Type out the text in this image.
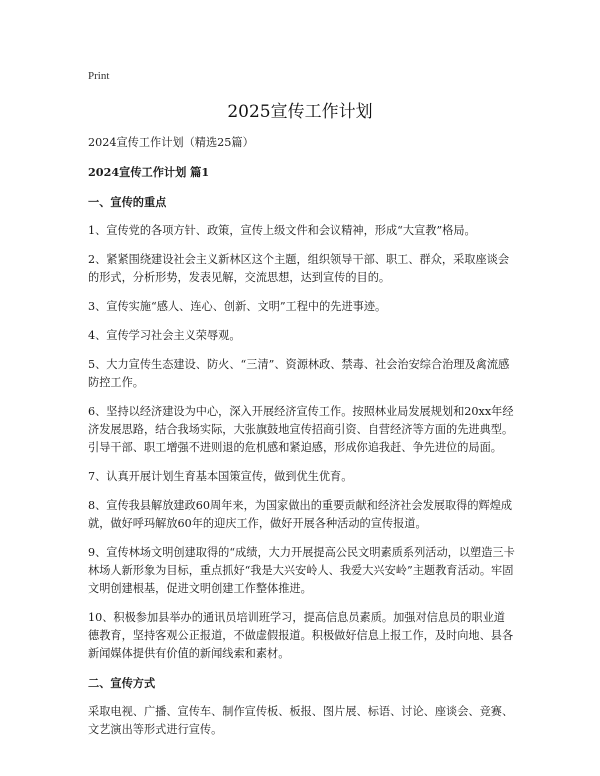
Print
2025宣传工作计划

2024宣传工作计划（精选25篇）

2024宣传工作计划 篇1

一、宣传的重点

1、宣传党的各项方针、政策，宣传上级文件和会议精神，形成“大宣教”格局。

2、紧紧围绕建设社会主义新林区这个主题，组织领导干部、职工、群众，采取座谈会的形式，分析形势，发表见解，交流思想，达到宣传的目的。

3、宣传实施“感人、连心、创新、文明”工程中的先进事迹。

4、宣传学习社会主义荣辱观。

5、大力宣传生态建设、防火、“三清”、资源林政、禁毒、社会治安综合治理及禽流感防控工作。

6、坚持以经济建设为中心，深入开展经济宣传工作。按照林业局发展规划和20xx年经济发展思路，结合我场实际，大张旗鼓地宣传招商引资、自营经济等方面的先进典型。引导干部、职工增强不进则退的危机感和紧迫感，形成你追我赶、争先进位的局面。

7、认真开展计划生育基本国策宣传，做到优生优育。

8、宣传我县解放建政60周年来，为国家做出的重要贡献和经济社会发展取得的辉煌成就，做好呼玛解放60年的迎庆工作，做好开展各种活动的宣传报道。

9、宣传林场文明创建取得的“成绩，大力开展提高公民文明素质系列活动，以塑造三卡林场人新形象为目标，重点抓好“我是大兴安岭人、我爱大兴安岭”主题教育活动。牢固文明创建根基，促进文明创建工作整体推进。

10、积极参加县举办的通讯员培训班学习，提高信息员素质。加强对信息员的职业道德教育，坚持客观公正报道，不做虚假报道。积极做好信息上报工作，及时向地、县各新闻媒体提供有价值的新闻线索和素材。

二、宣传方式

采取电视、广播、宣传车、制作宣传板、板报、图片展、标语、讨论、座谈会、竞赛、文艺演出等形式进行宣传。
